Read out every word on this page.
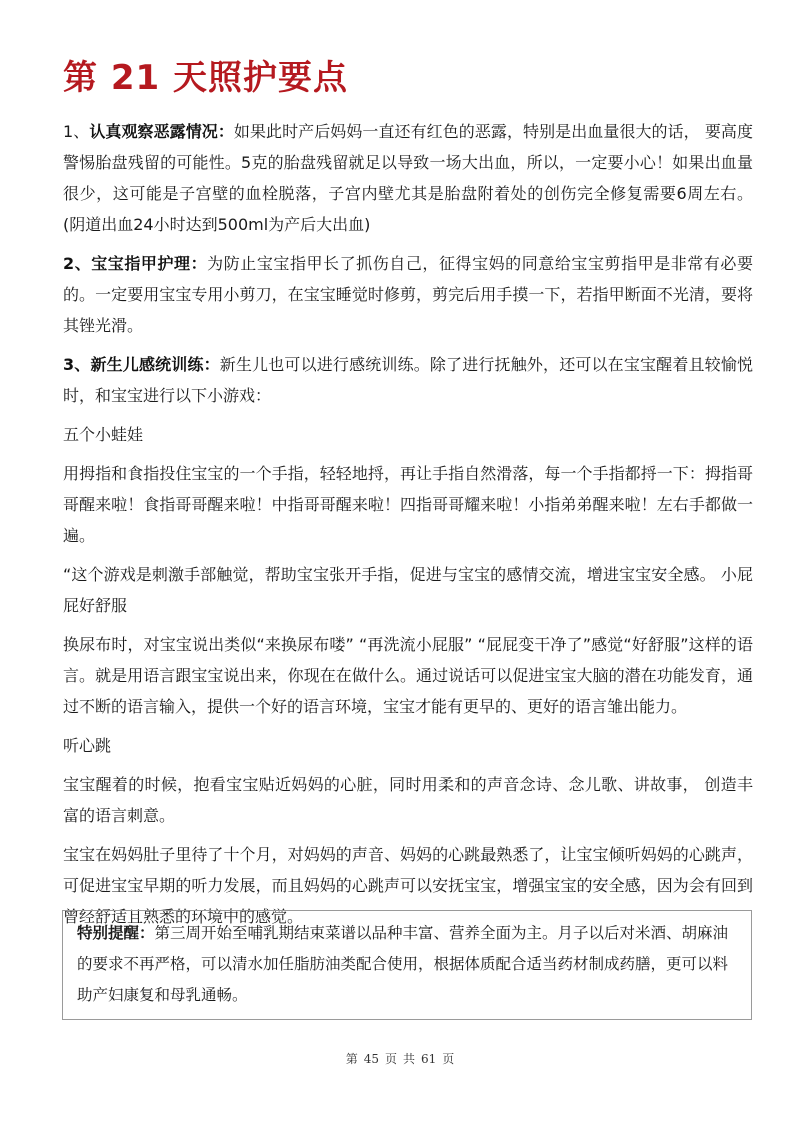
第 21 天照护要点

1、认真观察恶露情况：如果此时产后妈妈一直还有红色的恶露，特别是出血量很大的话， 要高度警惕胎盘残留的可能性。5克的胎盘残留就足以导致一场大出血，所以，一定要小心！如果出血量很少，这可能是子宫壁的血栓脱落，子宫内壁尤其是胎盘附着处的创伤完全修复需要6周左右。 (阴道出血24小时达到500ml为产后大出血)

2、宝宝指甲护理：为防止宝宝指甲长了抓伤自己，征得宝妈的同意给宝宝剪指甲是非常有必要的。一定要用宝宝专用小剪刀，在宝宝睡觉时修剪，剪完后用手摸一下，若指甲断面不光清，要将其锉光滑。

3、新生儿感统训练：新生儿也可以进行感统训练。除了进行抚触外，还可以在宝宝醒着且较愉悦时，和宝宝进行以下小游戏：

五个小蛙娃

用拇指和食指投住宝宝的一个手指，轻轻地捋，再让手指自然滑落，每一个手指都捋一下：拇指哥哥醒来啦！食指哥哥醒来啦！中指哥哥醒来啦！四指哥哥耀来啦！小指弟弟醒来啦！左右手都做一遍。

“这个游戏是刺激手部触觉，帮助宝宝张开手指，促进与宝宝的感情交流，增进宝宝安全感。 小屁屁好舒服

换尿布时，对宝宝说出类似“来换尿布喽” “再洗流小屁服” “屁屁变干净了”感觉“好舒服”这样的语言。就是用语言跟宝宝说出来，你现在在做什么。通过说话可以促进宝宝大脑的潜在功能发育，通过不断的语言输入，提供一个好的语言环境，宝宝才能有更早的、更好的语言雏出能力。

听心跳

宝宝醒着的时候，抱看宝宝贴近妈妈的心脏，同时用柔和的声音念诗、念儿歌、讲故事， 创造丰富的语言刺意。

宝宝在妈妈肚子里待了十个月，对妈妈的声音、妈妈的心跳最熟悉了，让宝宝倾听妈妈的心跳声，可促进宝宝早期的听力发展，而且妈妈的心跳声可以安抚宝宝，增强宝宝的安全感，因为会有回到曾经舒适且熟悉的环境中的感觉。

特别提醒：第三周开始至哺乳期结束菜谱以品种丰富、营养全面为主。月子以后对米酒、胡麻油的要求不再严格，可以清水加任脂肪油类配合使用，根据体质配合适当药材制成药膳，更可以料助产妇康复和母乳通畅。
第 45 页 共 61 页
